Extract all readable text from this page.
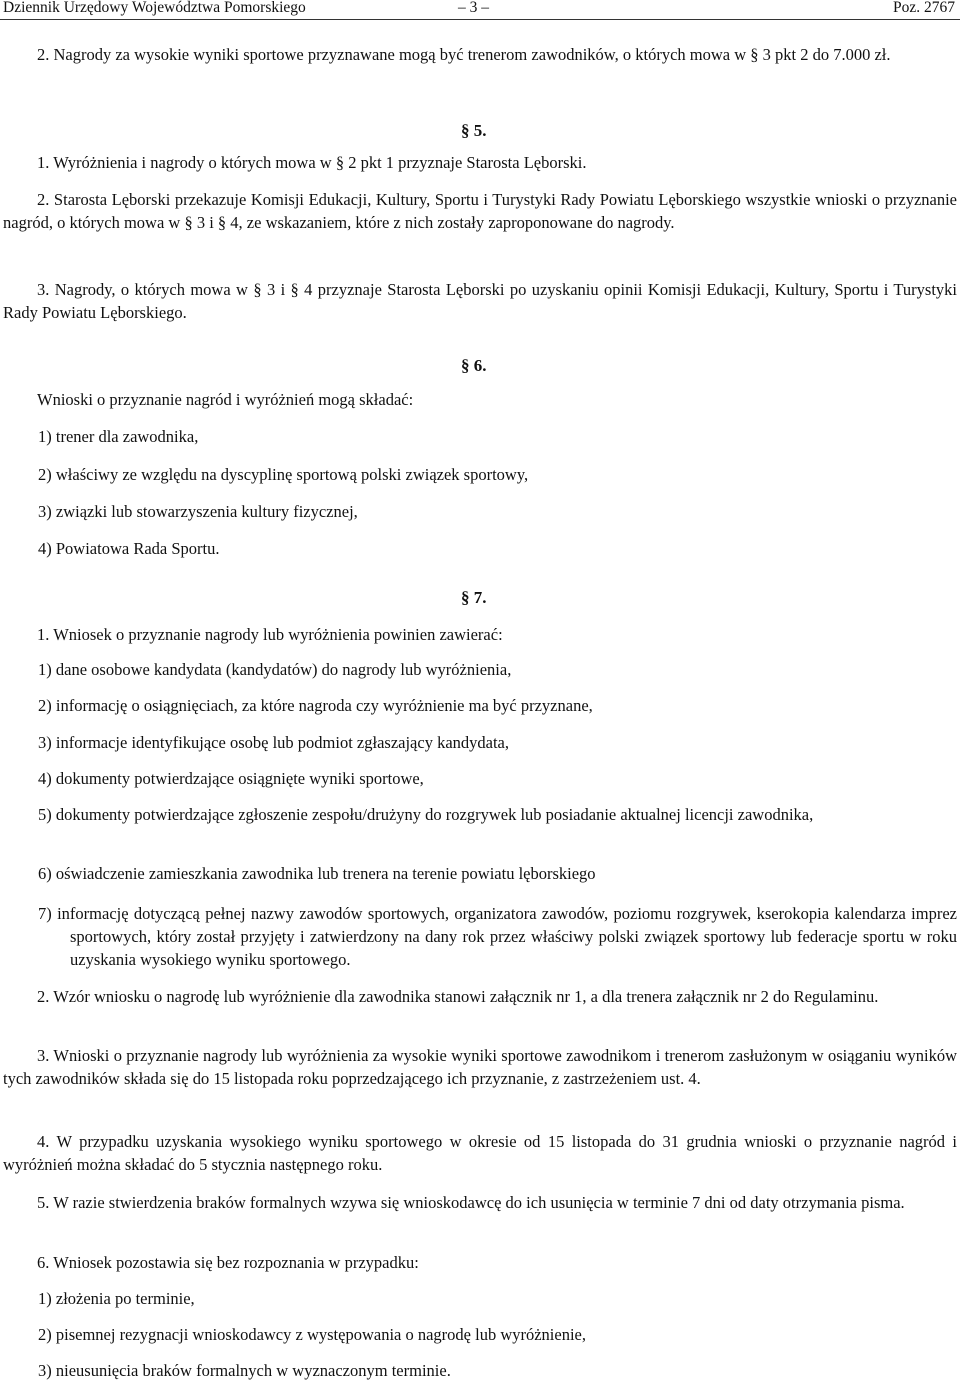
Dziennik Urzędowy Województwa Pomorskiego	– 3 –	Poz. 2767
2. Nagrody za wysokie wyniki sportowe przyznawane mogą być trenerom zawodników, o których mowa w § 3 pkt 2 do 7.000 zł.
§ 5.
1. Wyróżnienia i nagrody o których mowa w § 2 pkt 1 przyznaje Starosta Lęborski.
2. Starosta Lęborski przekazuje Komisji Edukacji, Kultury, Sportu i Turystyki Rady Powiatu Lęborskiego wszystkie wnioski o przyznanie nagród, o których mowa w § 3 i § 4, ze wskazaniem, które z nich zostały zaproponowane do nagrody.
3. Nagrody, o których mowa w § 3 i § 4 przyznaje Starosta Lęborski po uzyskaniu opinii Komisji Edukacji, Kultury, Sportu i Turystyki Rady Powiatu Lęborskiego.
§ 6.
Wnioski o przyznanie nagród i wyróżnień mogą składać:
1) trener dla zawodnika,
2) właściwy ze względu na dyscyplinę sportową polski związek sportowy,
3) związki lub stowarzyszenia kultury fizycznej,
4) Powiatowa Rada Sportu.
§ 7.
1. Wniosek o przyznanie nagrody lub wyróżnienia powinien zawierać:
1) dane osobowe kandydata (kandydatów) do nagrody lub wyróżnienia,
2) informację o osiągnięciach, za które nagroda czy wyróżnienie ma być przyznane,
3) informacje identyfikujące osobę lub podmiot zgłaszający kandydata,
4) dokumenty potwierdzające osiągnięte wyniki sportowe,
5) dokumenty potwierdzające zgłoszenie zespołu/drużyny do rozgrywek lub posiadanie aktualnej licencji zawodnika,
6) oświadczenie zamieszkania zawodnika lub trenera na terenie powiatu lęborskiego
7) informację dotyczącą pełnej nazwy zawodów sportowych, organizatora zawodów, poziomu rozgrywek, kserokopia kalendarza imprez sportowych, który został przyjęty i zatwierdzony na dany rok przez właściwy polski związek sportowy lub federacje sportu w roku uzyskania wysokiego wyniku sportowego.
2. Wzór wniosku o nagrodę lub wyróżnienie dla zawodnika stanowi załącznik nr 1, a dla trenera załącznik nr 2 do Regulaminu.
3. Wnioski o przyznanie nagrody lub wyróżnienia za wysokie wyniki sportowe zawodnikom i trenerom zasłużonym w osiąganiu wyników tych zawodników składa się do 15 listopada roku poprzedzającego ich przyznanie, z zastrzeżeniem ust. 4.
4. W przypadku uzyskania wysokiego wyniku sportowego w okresie od 15 listopada do 31 grudnia wnioski o przyznanie nagród i wyróżnień można składać do 5 stycznia następnego roku.
5. W razie stwierdzenia braków formalnych wzywa się wnioskodawcę do ich usunięcia w terminie 7 dni od daty otrzymania pisma.
6. Wniosek pozostawia się bez rozpoznania w przypadku:
1) złożenia po terminie,
2) pisemnej rezygnacji wnioskodawcy z występowania o nagrodę lub wyróżnienie,
3) nieusunięcia braków formalnych w wyznaczonym terminie.
